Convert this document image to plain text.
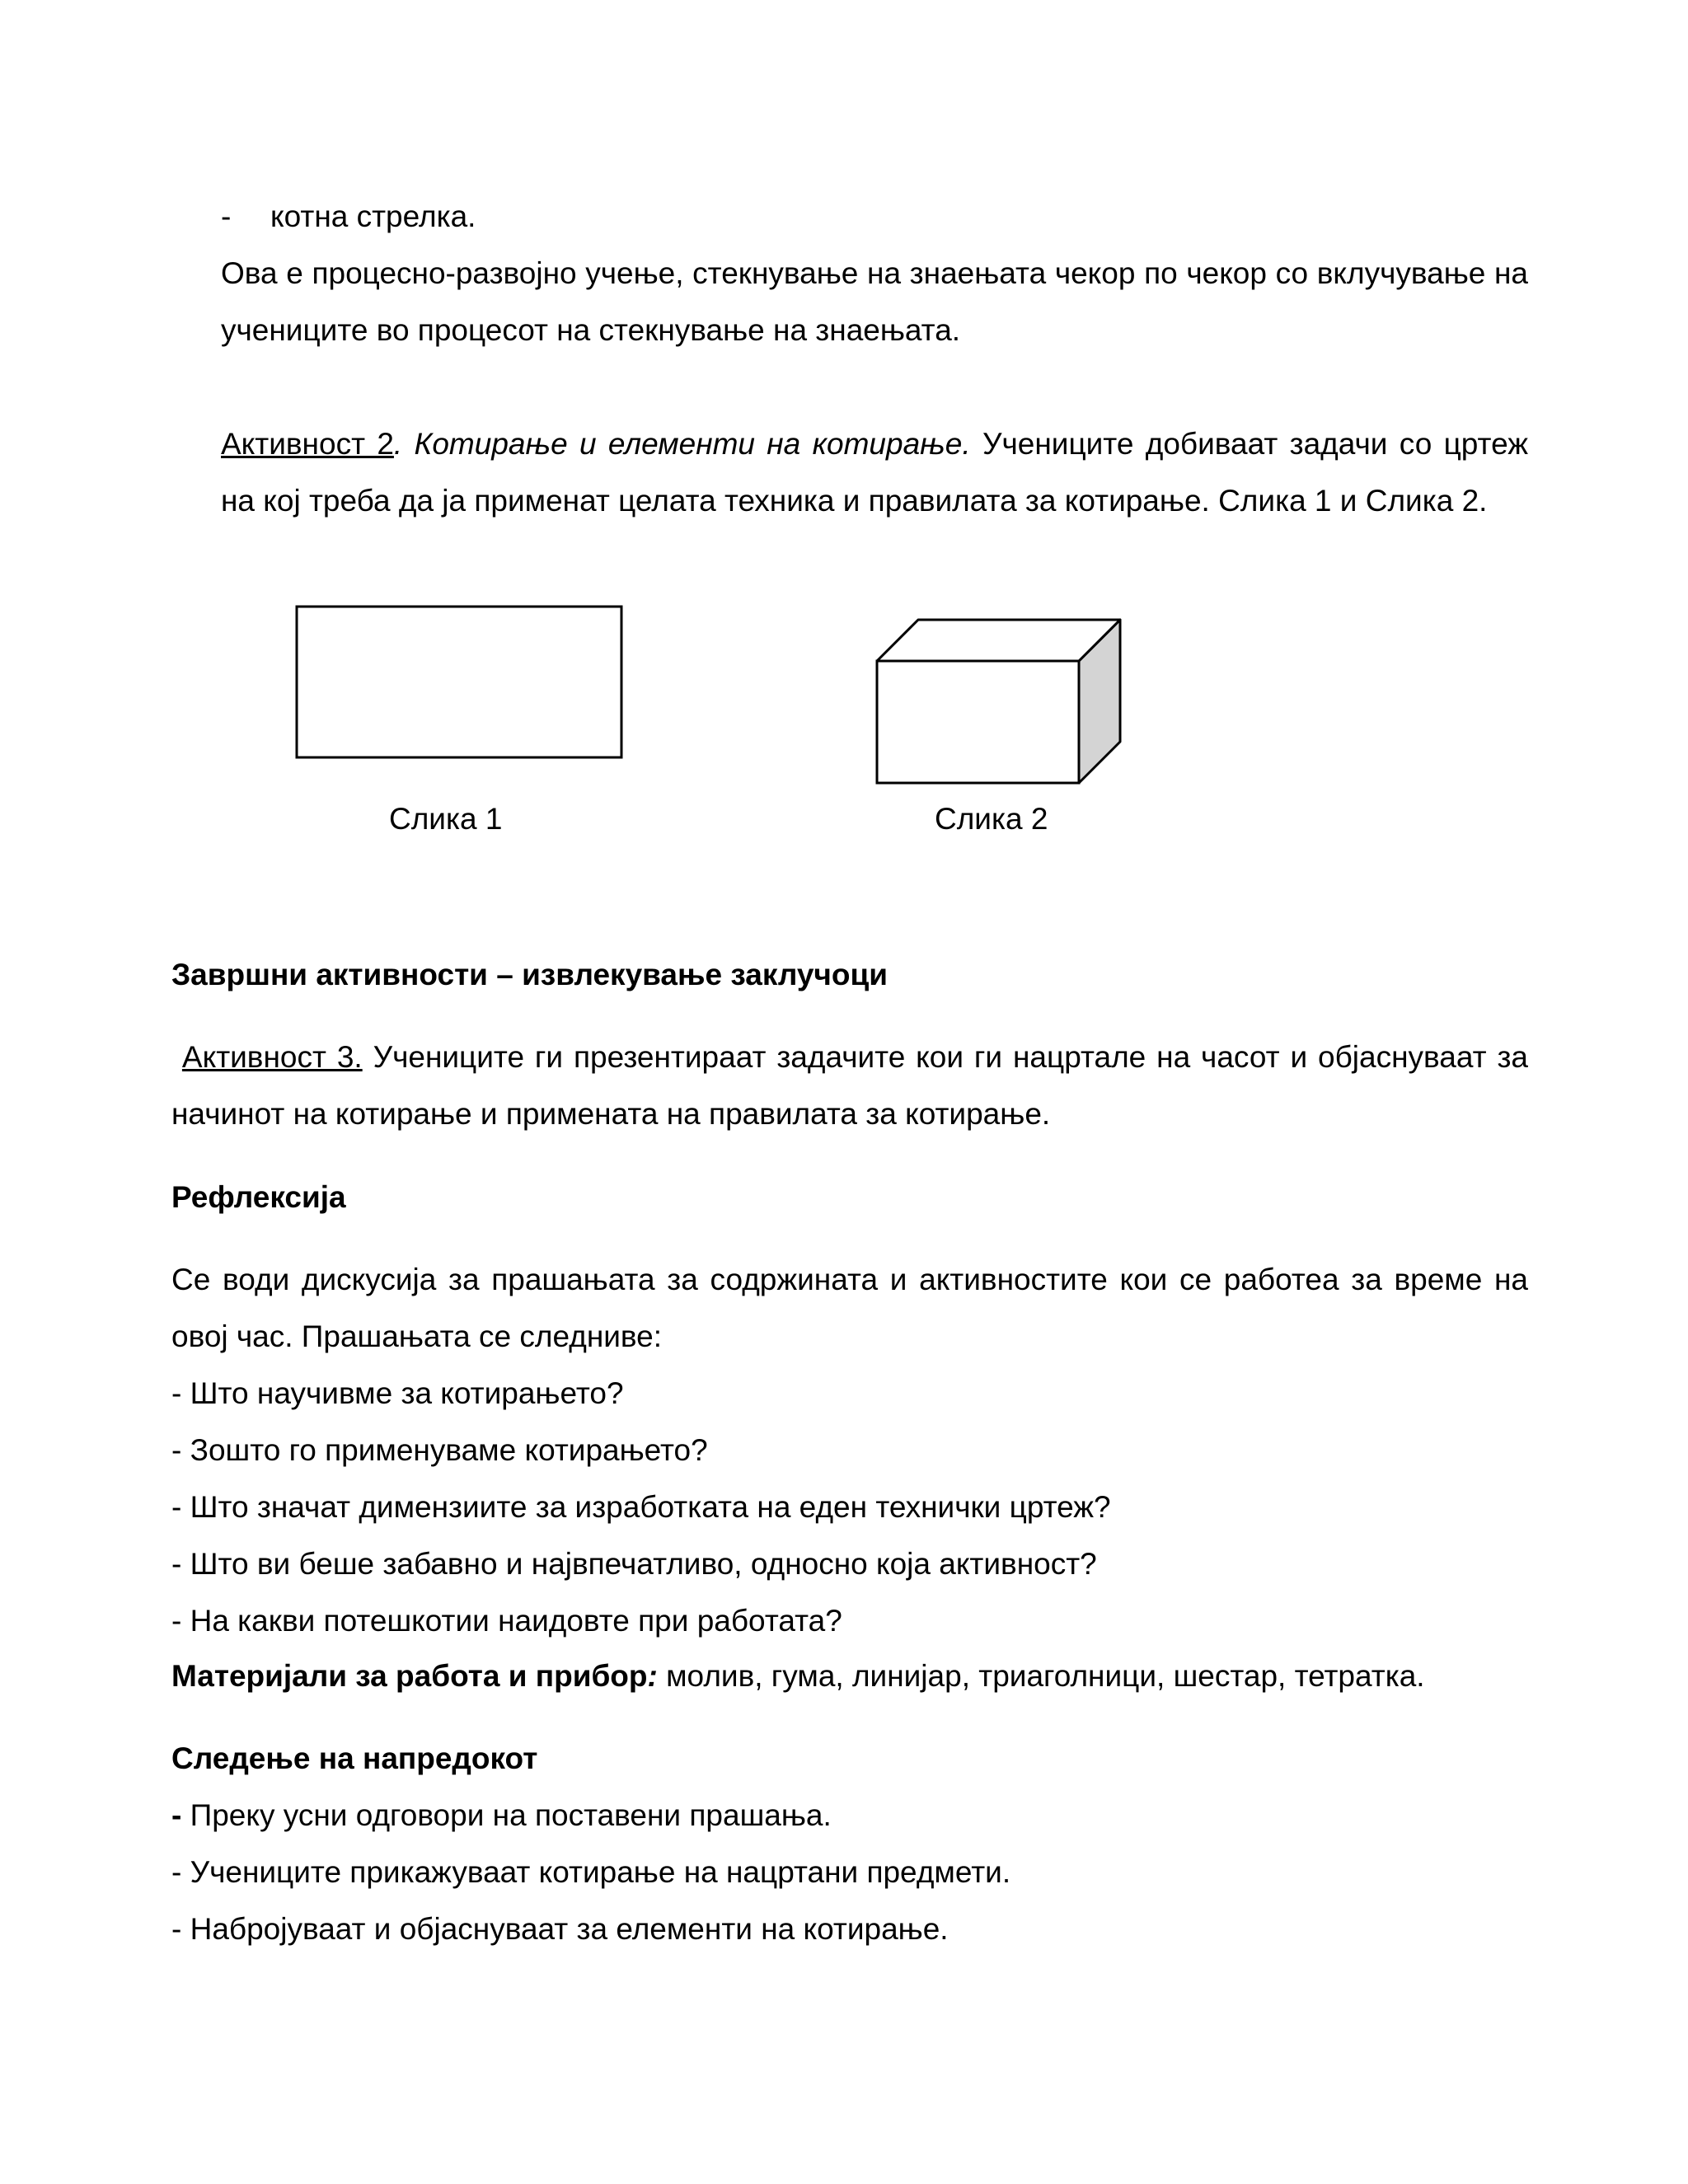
- котна стрелка.

Ова е процесно-развојно учење, стекнување на знаењата чекор по чекор со вклучување на учениците во процесот на стекнување на знаењата.

Активност 2. Котирање и елементи на котирање. Учениците добиваат задачи со цртеж на кој треба да ја применат целата техника и правилата за котирање. Слика 1 и Слика 2.

Слика 1	Слика 2
Завршни активности – извлекување заклучоци

Активност 3. Учениците ги презентираат задачите кои ги нацртале на часот и објаснуваат за начинот на котирање и примената на правилата за котирање.

Рефлексија

Се води дискусија за прашањата за содржината и активностите кои се работеа за време на овој час. Прашањата се следниве:

- Што научивме за котирањето?
- Зошто го применуваме котирањето?
- Што значат димензиите за изработката на еден технички цртеж?
- Што ви беше забавно и највпечатливо, односно која активност?
- На какви потешкотии наидовте при работата?
Материјали за работа и прибор: молив, гума, линијар, триаголници, шестар, тетратка.
Следење на напредокот
- Преку усни одговори на поставени прашања.
- Учениците прикажуваат котирање на нацртани предмети.
- Набројуваат и објаснуваат за елементи на котирање.
